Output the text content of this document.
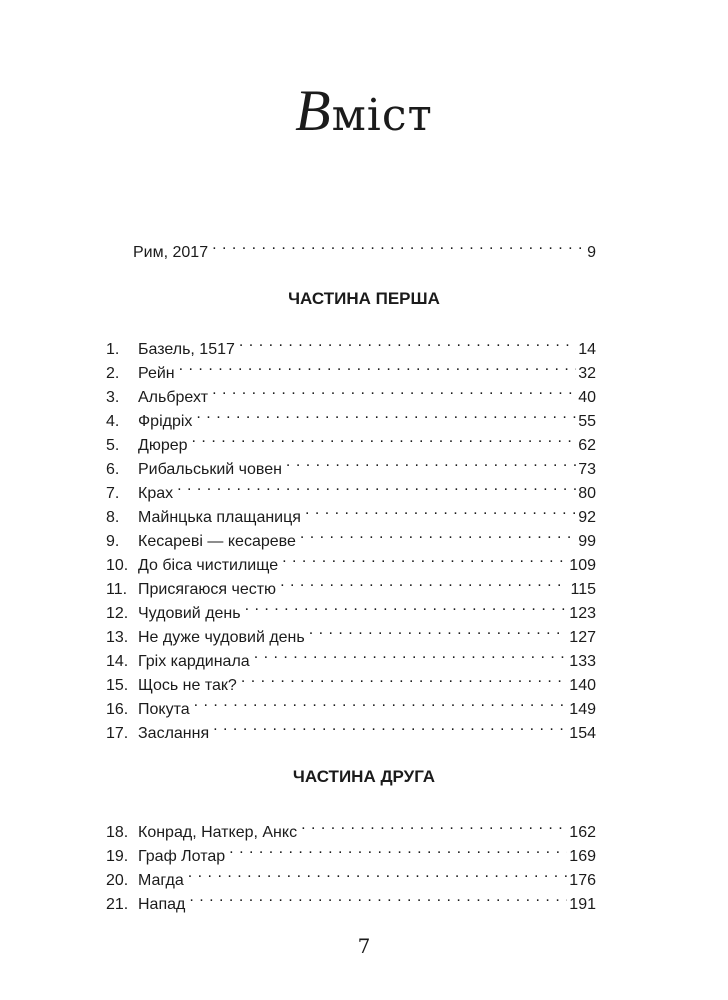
Вміст
Рим, 2017 . . .	9
ЧАСТИНА ПЕРША
1.	Базель, 1517 . . .	14
2.	Рейн . . .	32
3.	Альбрехт . . .	40
4.	Фрідріх . . .	55
5.	Дюрер . . .	62
6.	Рибальський човен . . .	73
7.	Крах . . .	80
8.	Майнцька плащаниця . . .	92
9.	Кесареві — кесареве . . .	99
10. До біса чистилище . . .	109
11. Присягаюся честю . . .	115
12. Чудовий день . . .	123
13. Не дуже чудовий день . . .	127
14. Гріх кардинала . . .	133
15. Щось не так? . . .	140
16. Покута . . .	149
17. Заслання . . .	154
ЧАСТИНА ДРУГА
18. Конрад, Наткер, Анкс . . .	162
19. Граф Лотар . . .	169
20. Магда . . .	176
21. Напад . . .	191
7
